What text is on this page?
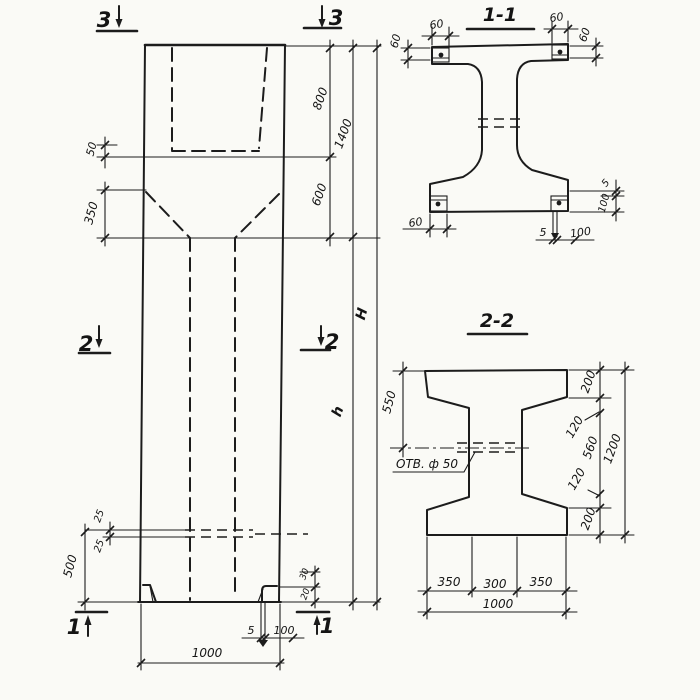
3	3
2	2
1	1
50
350
25
25
500
800
1400
600
H
h
30
20
5 100
1000
1-1
60
60
60
60
60
5
100
5 100
2-2
ОТВ. ф 50
550
200
120
560
120
200
1200
350 300 350
1000
